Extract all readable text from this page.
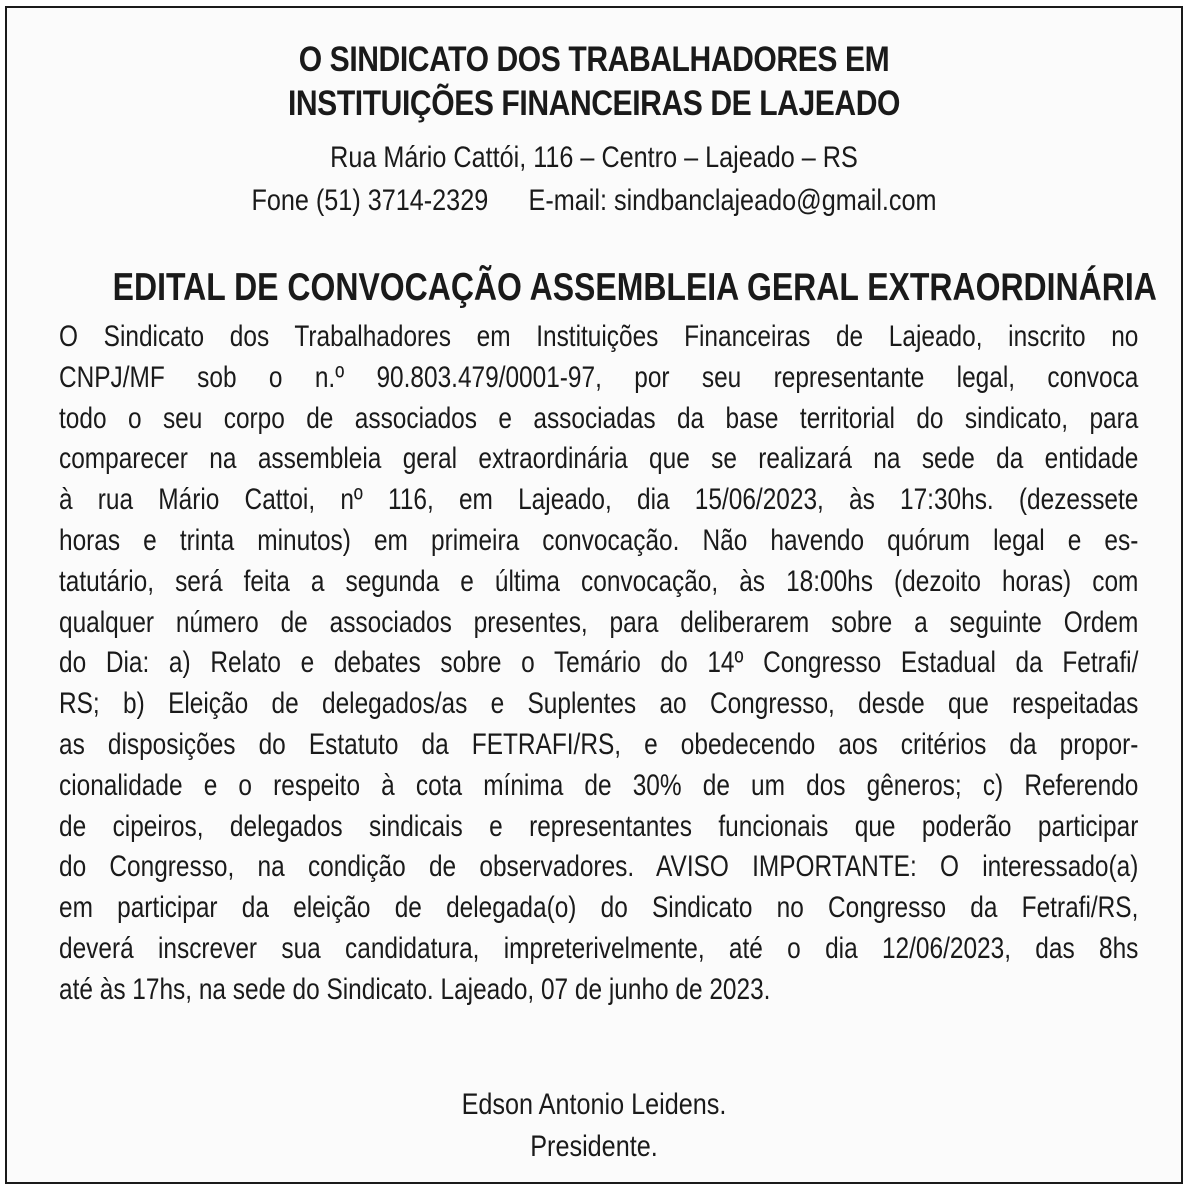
O SINDICATO DOS TRABALHADORES EM
INSTITUIÇÕES FINANCEIRAS DE LAJEADO
Rua Mário Cattói, 116 – Centro – Lajeado – RS
Fone (51) 3714-2329 E-mail: sindbanclajeado@gmail.com
EDITAL DE CONVOCAÇÃO ASSEMBLEIA GERAL EXTRAORDINÁRIA
O Sindicato dos Trabalhadores em Instituições Financeiras de Lajeado, inscrito no
CNPJ/MF sob o n.º 90.803.479/0001-97, por seu representante legal, convoca
todo o seu corpo de associados e associadas da base territorial do sindicato, para
comparecer na assembleia geral extraordinária que se realizará na sede da entidade
à rua Mário Cattoi, nº 116, em Lajeado, dia 15/06/2023, às 17:30hs. (dezessete
horas e trinta minutos) em primeira convocação. Não havendo quórum legal e es-
tatutário, será feita a segunda e última convocação, às 18:00hs (dezoito horas) com
qualquer número de associados presentes, para deliberarem sobre a seguinte Ordem
do Dia: a) Relato e debates sobre o Temário do 14º Congresso Estadual da Fetrafi/
RS; b) Eleição de delegados/as e Suplentes ao Congresso, desde que respeitadas
as disposições do Estatuto da FETRAFI/RS, e obedecendo aos critérios da propor-
cionalidade e o respeito à cota mínima de 30% de um dos gêneros; c) Referendo
de cipeiros, delegados sindicais e representantes funcionais que poderão participar
do Congresso, na condição de observadores. AVISO IMPORTANTE: O interessado(a)
em participar da eleição de delegada(o) do Sindicato no Congresso da Fetrafi/RS,
deverá inscrever sua candidatura, impreterivelmente, até o dia 12/06/2023, das 8hs
até às 17hs, na sede do Sindicato. Lajeado, 07 de junho de 2023.
Edson Antonio Leidens.
Presidente.
